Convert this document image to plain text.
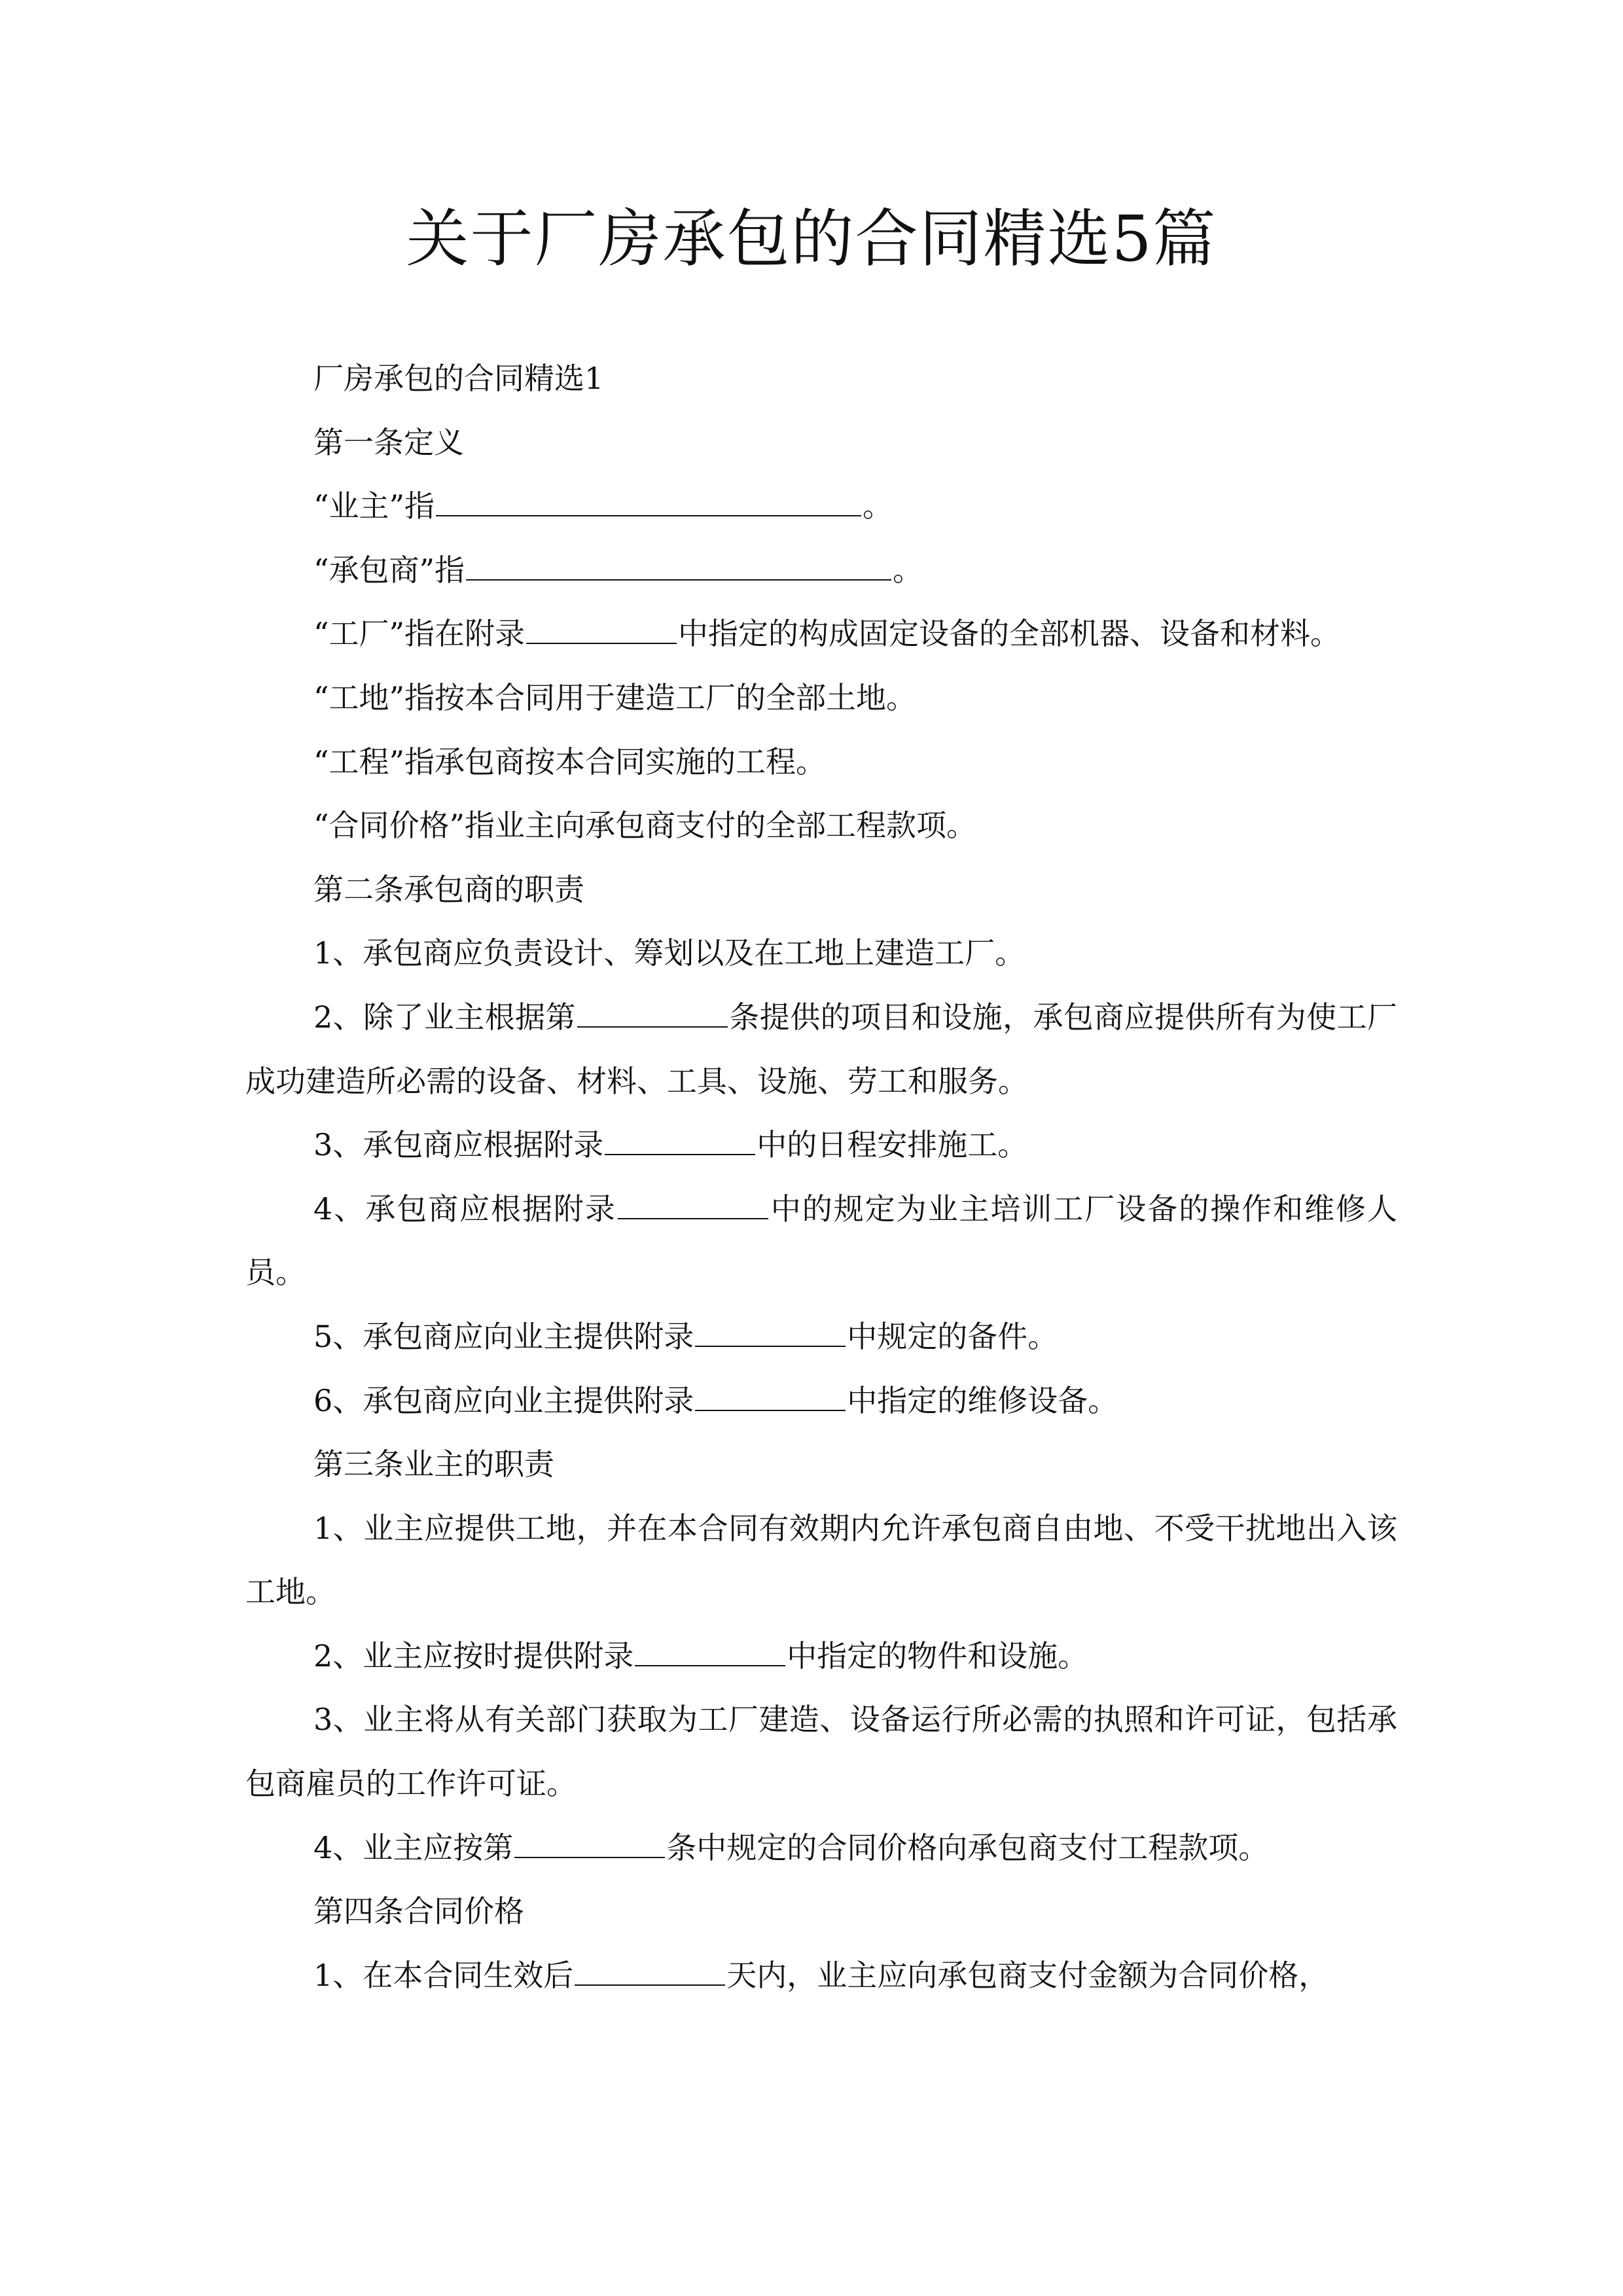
关于厂房承包的合同精选5篇

厂房承包的合同精选1

第一条定义

“业主”指	。

“承包商”指	。

“工厂”指在附录	中指定的构成固定设备的全部机器、设备和材料。

“工地”指按本合同用于建造工厂的全部土地。

“工程”指承包商按本合同实施的工程。

“合同价格”指业主向承包商支付的全部工程款项。

第二条承包商的职责

1、承包商应负责设计、筹划以及在工地上建造工厂。

2、除了业主根据第	条提供的项目和设施，承包商应提供所有为使工厂成功建造所必需的设备、材料、工具、设施、劳工和服务。

3、承包商应根据附录	中的日程安排施工。

4、承包商应根据附录	中的规定为业主培训工厂设备的操作和维修人员。

5、承包商应向业主提供附录	中规定的备件。

6、承包商应向业主提供附录	中指定的维修设备。

第三条业主的职责

1、业主应提供工地，并在本合同有效期内允许承包商自由地、不受干扰地出入该工地。

2、业主应按时提供附录	中指定的物件和设施。

3、业主将从有关部门获取为工厂建造、设备运行所必需的执照和许可证，包括承包商雇员的工作许可证。

4、业主应按第	条中规定的合同价格向承包商支付工程款项。

第四条合同价格

1、在本合同生效后	天内，业主应向承包商支付金额为合同价格，
